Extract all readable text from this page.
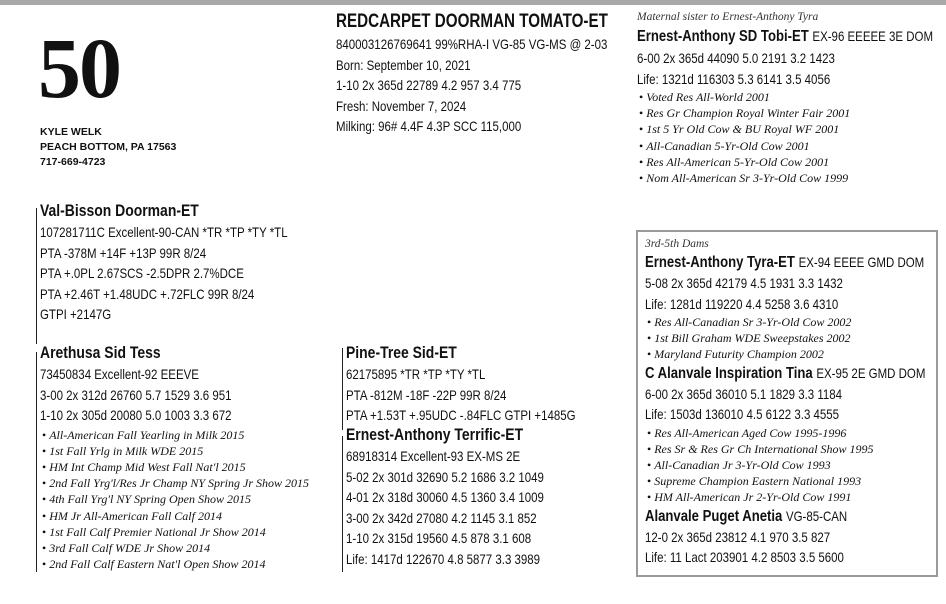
50
KYLE WELK
PEACH BOTTOM, PA 17563
717-669-4723
REDCARPET DOORMAN TOMATO-ET
840003126769641 99%RHA-I VG-85 VG-MS @ 2-03
Born: September 10, 2021
1-10 2x 365d 22789 4.2 957 3.4 775
Fresh: November 7, 2024
Milking: 96# 4.4F 4.3P SCC 115,000
Maternal sister to Ernest-Anthony Tyra
Ernest-Anthony SD Tobi-ET EX-96 EEEEE 3E DOM
6-00 2x 365d 44090 5.0 2191 3.2 1423
Life: 1321d 116303 5.3 6141 3.5 4056
• Voted Res All-World 2001
• Res Gr Champion Royal Winter Fair 2001
• 1st 5 Yr Old Cow & BU Royal WF 2001
• All-Canadian 5-Yr-Old Cow 2001
• Res All-American 5-Yr-Old Cow 2001
• Nom All-American Sr 3-Yr-Old Cow 1999
Val-Bisson Doorman-ET
107281711C Excellent-90-CAN *TR *TP *TY *TL
PTA -378M +14F +13P 99R 8/24
PTA +.0PL 2.67SCS -2.5DPR 2.7%DCE
PTA +2.46T +1.48UDC +.72FLC 99R 8/24
GTPI +2147G
Arethusa Sid Tess
73450834 Excellent-92 EEEVE
3-00 2x 312d 26760 5.7 1529 3.6 951
1-10 2x 305d 20080 5.0 1003 3.3 672
• All-American Fall Yearling in Milk 2015
• 1st Fall Yrlg in Milk WDE 2015
• HM Int Champ Mid West Fall Nat'l 2015
• 2nd Fall Yrg'l/Res Jr Champ NY Spring Jr Show 2015
• 4th Fall Yrg'l NY Spring Open Show 2015
• HM Jr All-American Fall Calf 2014
• 1st Fall Calf Premier National Jr Show 2014
• 3rd Fall Calf WDE Jr Show 2014
• 2nd Fall Calf Eastern Nat'l Open Show 2014
Pine-Tree Sid-ET
62175895 *TR *TP *TY *TL
PTA -812M -18F -22P 99R 8/24
PTA +1.53T +.95UDC -.84FLC GTPI +1485G
Ernest-Anthony Terrific-ET
68918314 Excellent-93 EX-MS 2E
5-02 2x 301d 32690 5.2 1686 3.2 1049
4-01 2x 318d 30060 4.5 1360 3.4 1009
3-00 2x 342d 27080 4.2 1145 3.1 852
1-10 2x 315d 19560 4.5 878 3.1 608
Life: 1417d 122670 4.8 5877 3.3 3989
3rd-5th Dams
Ernest-Anthony Tyra-ET EX-94 EEEE GMD DOM
5-08 2x 365d 42179 4.5 1931 3.3 1432
Life: 1281d 119220 4.4 5258 3.6 4310
• Res All-Canadian Sr 3-Yr-Old Cow 2002
• 1st Bill Graham WDE Sweepstakes 2002
• Maryland Futurity Champion 2002
C Alanvale Inspiration Tina EX-95 2E GMD DOM
6-00 2x 365d 36010 5.1 1829 3.3 1184
Life: 1503d 136010 4.5 6122 3.3 4555
• Res All-American Aged Cow 1995-1996
• Res Sr & Res Gr Ch International Show 1995
• All-Canadian Jr 3-Yr-Old Cow 1993
• Supreme Champion Eastern National 1993
• HM All-American Jr 2-Yr-Old Cow 1991
Alanvale Puget Anetia VG-85-CAN
12-0 2x 365d 23812 4.1 970 3.5 827
Life: 11 Lact 203901 4.2 8503 3.5 5600
